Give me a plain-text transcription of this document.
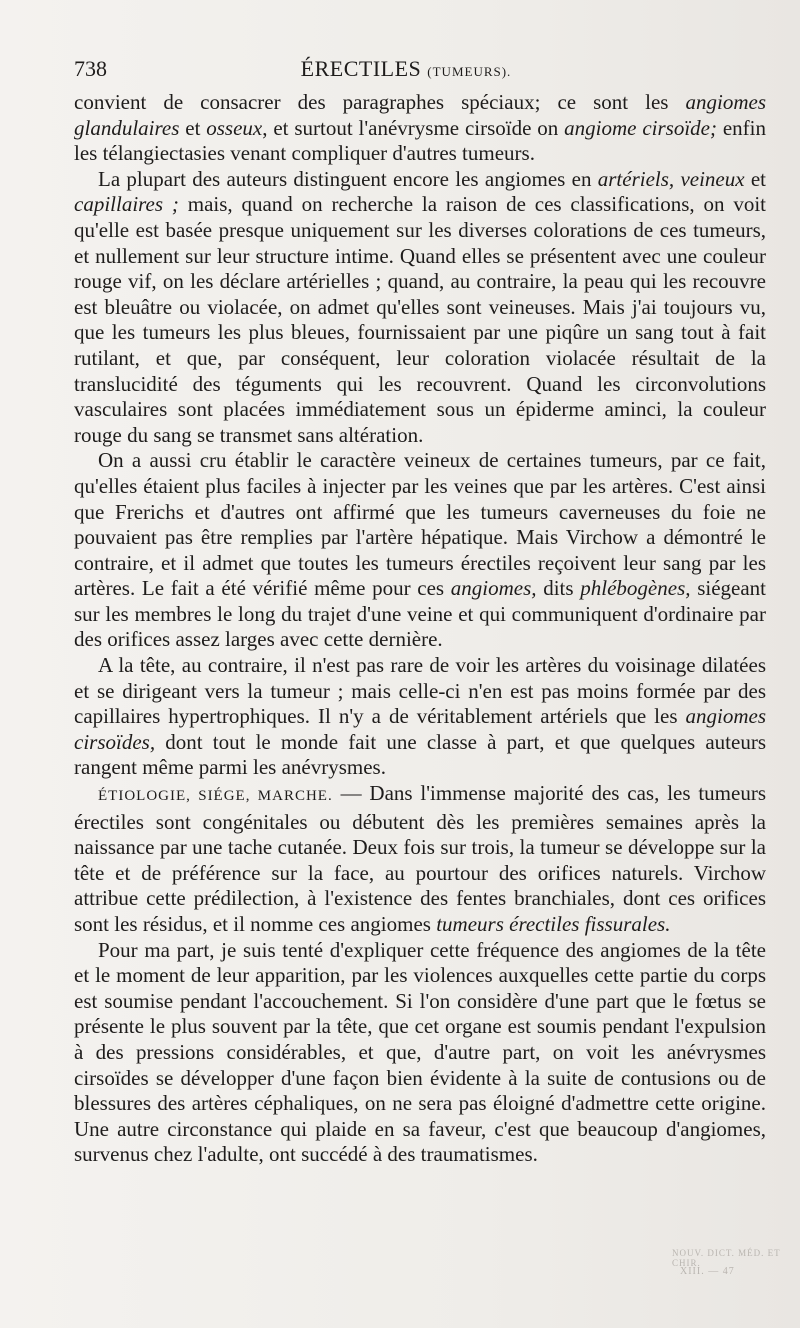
738	ÉRECTILES (TUMEURS).

convient de consacrer des paragraphes spéciaux; ce sont les angiomes glandulaires et osseux, et surtout l'anévrysme cirsoïde on angiome cirsoïde; enfin les télangiectasies venant compliquer d'autres tumeurs.

La plupart des auteurs distinguent encore les angiomes en artériels, veineux et capillaires ; mais, quand on recherche la raison de ces classifications, on voit qu'elle est basée presque uniquement sur les diverses colorations de ces tumeurs, et nullement sur leur structure intime. Quand elles se présentent avec une couleur rouge vif, on les déclare artérielles ; quand, au contraire, la peau qui les recouvre est bleuâtre ou violacée, on admet qu'elles sont veineuses. Mais j'ai toujours vu, que les tumeurs les plus bleues, fournissaient par une piqûre un sang tout à fait rutilant, et que, par conséquent, leur coloration violacée résultait de la translucidité des téguments qui les recouvrent. Quand les circonvolutions vasculaires sont placées immédiatement sous un épiderme aminci, la couleur rouge du sang se transmet sans altération.

On a aussi cru établir le caractère veineux de certaines tumeurs, par ce fait, qu'elles étaient plus faciles à injecter par les veines que par les artères. C'est ainsi que Frerichs et d'autres ont affirmé que les tumeurs caverneuses du foie ne pouvaient pas être remplies par l'artère hépatique. Mais Virchow a démontré le contraire, et il admet que toutes les tumeurs érectiles reçoivent leur sang par les artères. Le fait a été vérifié même pour ces angiomes, dits phlébogènes, siégeant sur les membres le long du trajet d'une veine et qui communiquent d'ordinaire par des orifices assez larges avec cette dernière.

A la tête, au contraire, il n'est pas rare de voir les artères du voisinage dilatées et se dirigeant vers la tumeur ; mais celle-ci n'en est pas moins formée par des capillaires hypertrophiques. Il n'y a de véritablement artériels que les angiomes cirsoïdes, dont tout le monde fait une classe à part, et que quelques auteurs rangent même parmi les anévrysmes.

ÉTIOLOGIE, SIÉGE, MARCHE. — Dans l'immense majorité des cas, les tumeurs érectiles sont congénitales ou débutent dès les premières semaines après la naissance par une tache cutanée. Deux fois sur trois, la tumeur se développe sur la tête et de préférence sur la face, au pourtour des orifices naturels. Virchow attribue cette prédilection, à l'existence des fentes branchiales, dont ces orifices sont les résidus, et il nomme ces angiomes tumeurs érectiles fissurales.

Pour ma part, je suis tenté d'expliquer cette fréquence des angiomes de la tête et le moment de leur apparition, par les violences auxquelles cette partie du corps est soumise pendant l'accouchement. Si l'on considère d'une part que le fœtus se présente le plus souvent par la tête, que cet organe est soumis pendant l'expulsion à des pressions considérables, et que, d'autre part, on voit les anévrysmes cirsoïdes se développer d'une façon bien évidente à la suite de contusions ou de blessures des artères céphaliques, on ne sera pas éloigné d'admettre cette origine. Une autre circonstance qui plaide en sa faveur, c'est que beaucoup d'angiomes, survenus chez l'adulte, ont succédé à des traumatismes.

NOUV. DICT. MÉD. ET CHIR.
XIII. — 47
